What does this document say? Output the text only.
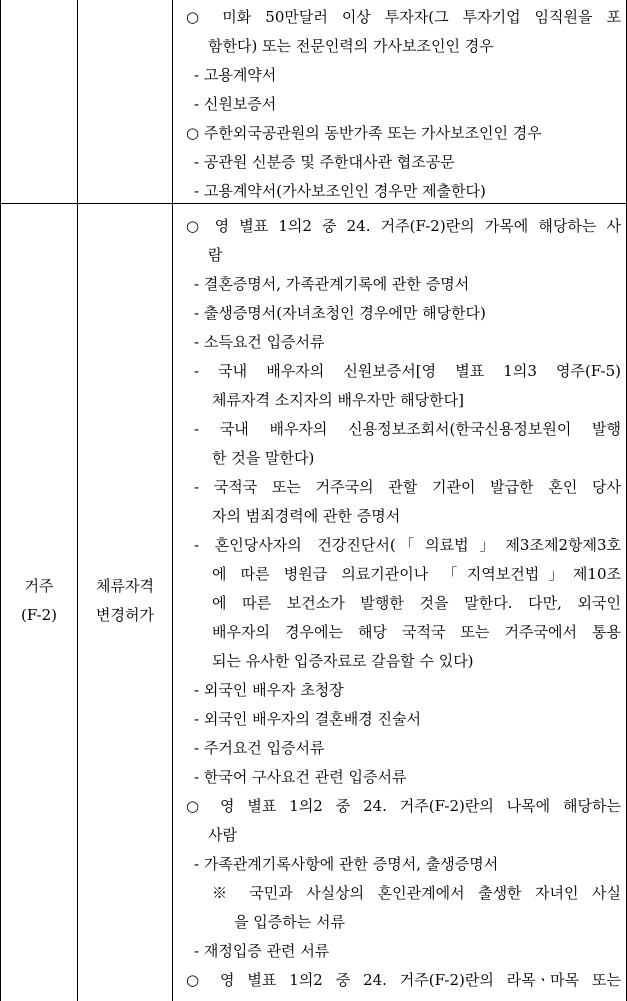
○ 미화 50만달러 이상 투자자(그 투자기업 임직원을 포
함한다) 또는 전문인력의 가사보조인인 경우
- 고용계약서
- 신원보증서
○ 주한외국공관원의 동반가족 또는 가사보조인인 경우
- 공관원 신분증 및 주한대사관 협조공문
- 고용계약서(가사보조인인 경우만 제출한다)
거주
(F-2)
체류자격
변경허가
○ 영 별표 1의2 중 24. 거주(F-2)란의 가목에 해당하는 사
람
- 결혼증명서, 가족관계기록에 관한 증명서
- 출생증명서(자녀초청인 경우에만 해당한다)
- 소득요건 입증서류
- 국내 배우자의 신원보증서[영 별표 1의3 영주(F-5)
체류자격 소지자의 배우자만 해당한다]
- 국내 배우자의 신용정보조회서(한국신용정보원이 발행
한 것을 말한다)
- 국적국 또는 거주국의 관할 기관이 발급한 혼인 당사
자의 범죄경력에 관한 증명서
- 혼인당사자의 건강진단서(「의료법」제3조제2항제3호
에 따른 병원급 의료기관이나 「지역보건법」제10조
에 따른 보건소가 발행한 것을 말한다. 다만, 외국인
배우자의 경우에는 해당 국적국 또는 거주국에서 통용
되는 유사한 입증자료로 갈음할 수 있다)
- 외국인 배우자 초청장
- 외국인 배우자의 결혼배경 진술서
- 주거요건 입증서류
- 한국어 구사요건 관련 입증서류
○ 영 별표 1의2 중 24. 거주(F-2)란의 나목에 해당하는
사람
- 가족관계기록사항에 관한 증명서, 출생증명서
※ 국민과 사실상의 혼인관계에서 출생한 자녀인 사실
을 입증하는 서류
- 재정입증 관련 서류
○ 영 별표 1의2 중 24. 거주(F-2)란의 라목ㆍ마목 또는
